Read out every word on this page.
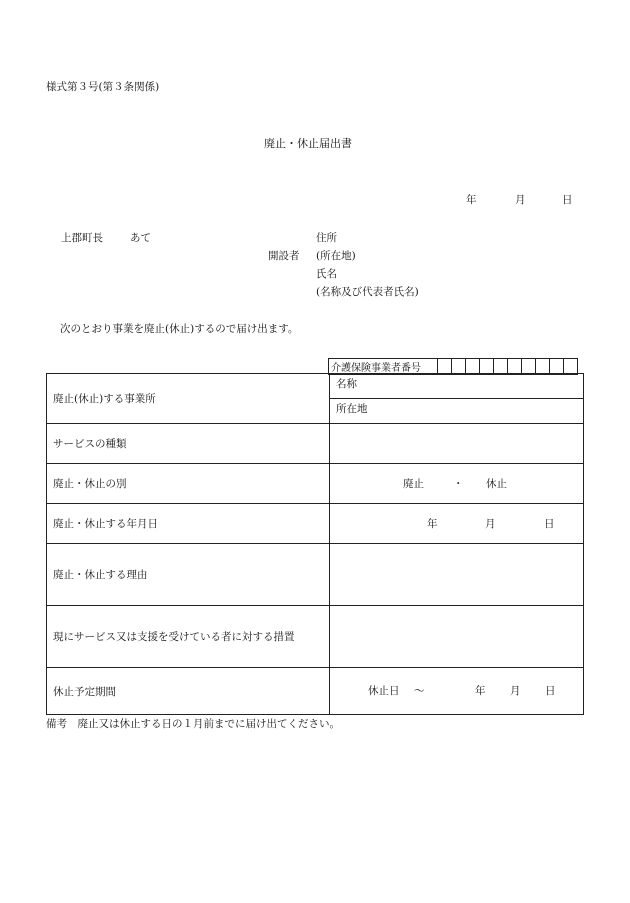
様式第３号(第３条関係)
廃止・休止届出書
年	月	日
上郡町長	あて
開設者
住所
(所在地)
氏名
(名称及び代表者氏名)
次のとおり事業を廃止(休止)するので届け出ます。
介護保険事業者番号										
廃止(休止)する事業所	名称
	所在地
サービスの種類	
廃止・休止の別	廃止 ・ 休止

廃止・休止する年月日	年 月 日

廃止・休止する理由	
現にサービス又は支援を受けている者に対する措置	
休止予定期間	休止日 ～ 年 月 日
備考　廃止又は休止する日の１月前までに届け出てください。
